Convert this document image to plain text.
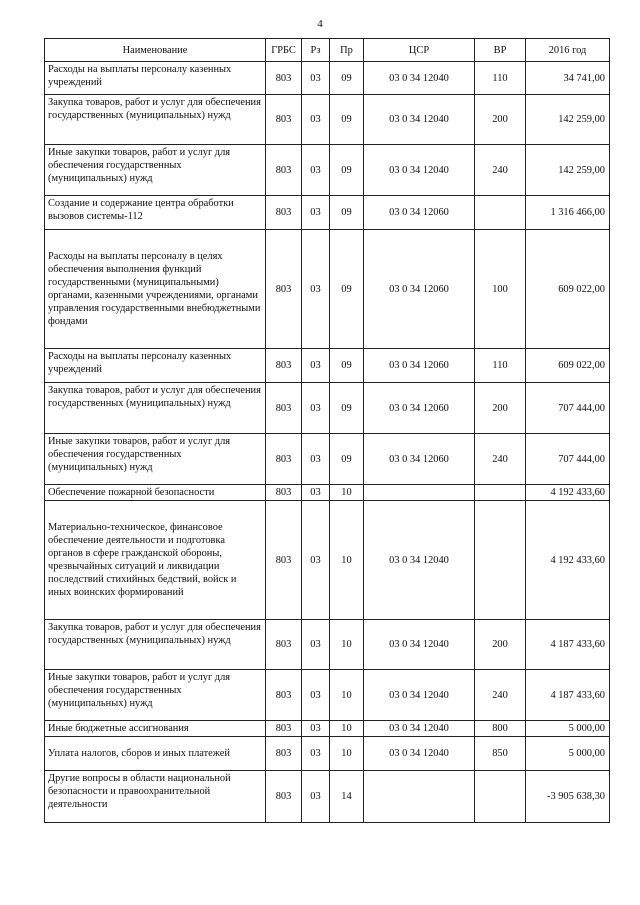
4
Наименование	ГРБС	Рз	Пр	ЦСР	ВР	2016 год
Расходы на выплаты персоналу казенных учреждений	803	03	09	03 0 34 12040	110	34 741,00
Закупка товаров, работ и услуг для обеспечения государственных (муниципальных) нужд	803	03	09	03 0 34 12040	200	142 259,00
Иные закупки товаров, работ и услуг для обеспечения государственных (муниципальных) нужд	803	03	09	03 0 34 12040	240	142 259,00
Создание и содержание центра обработки вызовов системы-112	803	03	09	03 0 34 12060		1 316 466,00
Расходы на выплаты персоналу в целях обеспечения выполнения функций государственными (муниципальными) органами, казенными учреждениями, органами управления государственными внебюджетными фондами	803	03	09	03 0 34 12060	100	609 022,00
Расходы на выплаты персоналу казенных учреждений	803	03	09	03 0 34 12060	110	609 022,00
Закупка товаров, работ и услуг для обеспечения государственных (муниципальных) нужд	803	03	09	03 0 34 12060	200	707 444,00
Иные закупки товаров, работ и услуг для обеспечения государственных (муниципальных) нужд	803	03	09	03 0 34 12060	240	707 444,00
Обеспечение пожарной безопасности	803	03	10			4 192 433,60
Материально-техническое, финансовое обеспечение деятельности и подготовка органов в сфере гражданской обороны, чрезвычайных ситуаций и ликвидации последствий стихийных бедствий, войск и иных воинских формирований	803	03	10	03 0 34 12040		4 192 433,60
Закупка товаров, работ и услуг для обеспечения государственных (муниципальных) нужд	803	03	10	03 0 34 12040	200	4 187 433,60
Иные закупки товаров, работ и услуг для обеспечения государственных (муниципальных) нужд	803	03	10	03 0 34 12040	240	4 187 433,60
Иные бюджетные ассигнования	803	03	10	03 0 34 12040	800	5 000,00
Уплата налогов, сборов и иных платежей	803	03	10	03 0 34 12040	850	5 000,00
Другие вопросы в области национальной безопасности и правоохранительной деятельности	803	03	14			-3 905 638,30
